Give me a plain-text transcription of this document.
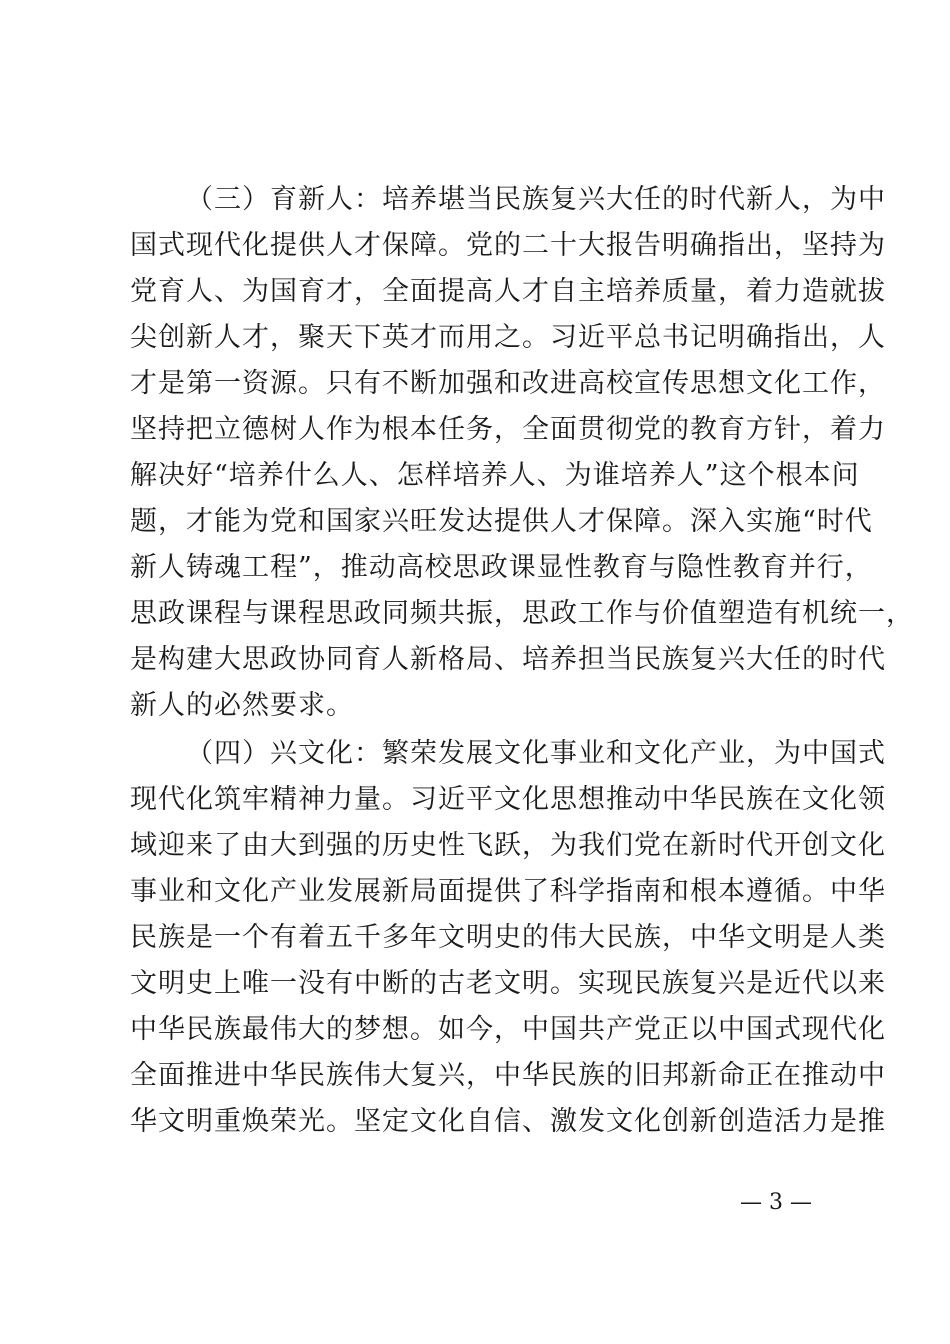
（三）育新人：培养堪当民族复兴大任的时代新人，为中
国式现代化提供人才保障。党的二十大报告明确指出，坚持为
党育人、为国育才，全面提高人才自主培养质量，着力造就拔
尖创新人才，聚天下英才而用之。习近平总书记明确指出，人
才是第一资源。只有不断加强和改进高校宣传思想文化工作，
坚持把立德树人作为根本任务，全面贯彻党的教育方针，着力
解决好“培养什么人、怎样培养人、为谁培养人”这个根本问
题，才能为党和国家兴旺发达提供人才保障。深入实施“时代
新人铸魂工程”，推动高校思政课显性教育与隐性教育并行，
思政课程与课程思政同频共振，思政工作与价值塑造有机统一，
是构建大思政协同育人新格局、培养担当民族复兴大任的时代
新人的必然要求。
（四）兴文化：繁荣发展文化事业和文化产业，为中国式
现代化筑牢精神力量。习近平文化思想推动中华民族在文化领
域迎来了由大到强的历史性飞跃，为我们党在新时代开创文化
事业和文化产业发展新局面提供了科学指南和根本遵循。中华
民族是一个有着五千多年文明史的伟大民族，中华文明是人类
文明史上唯一没有中断的古老文明。实现民族复兴是近代以来
中华民族最伟大的梦想。如今，中国共产党正以中国式现代化
全面推进中华民族伟大复兴，中华民族的旧邦新命正在推动中
华文明重焕荣光。坚定文化自信、激发文化创新创造活力是推
— 3 —
